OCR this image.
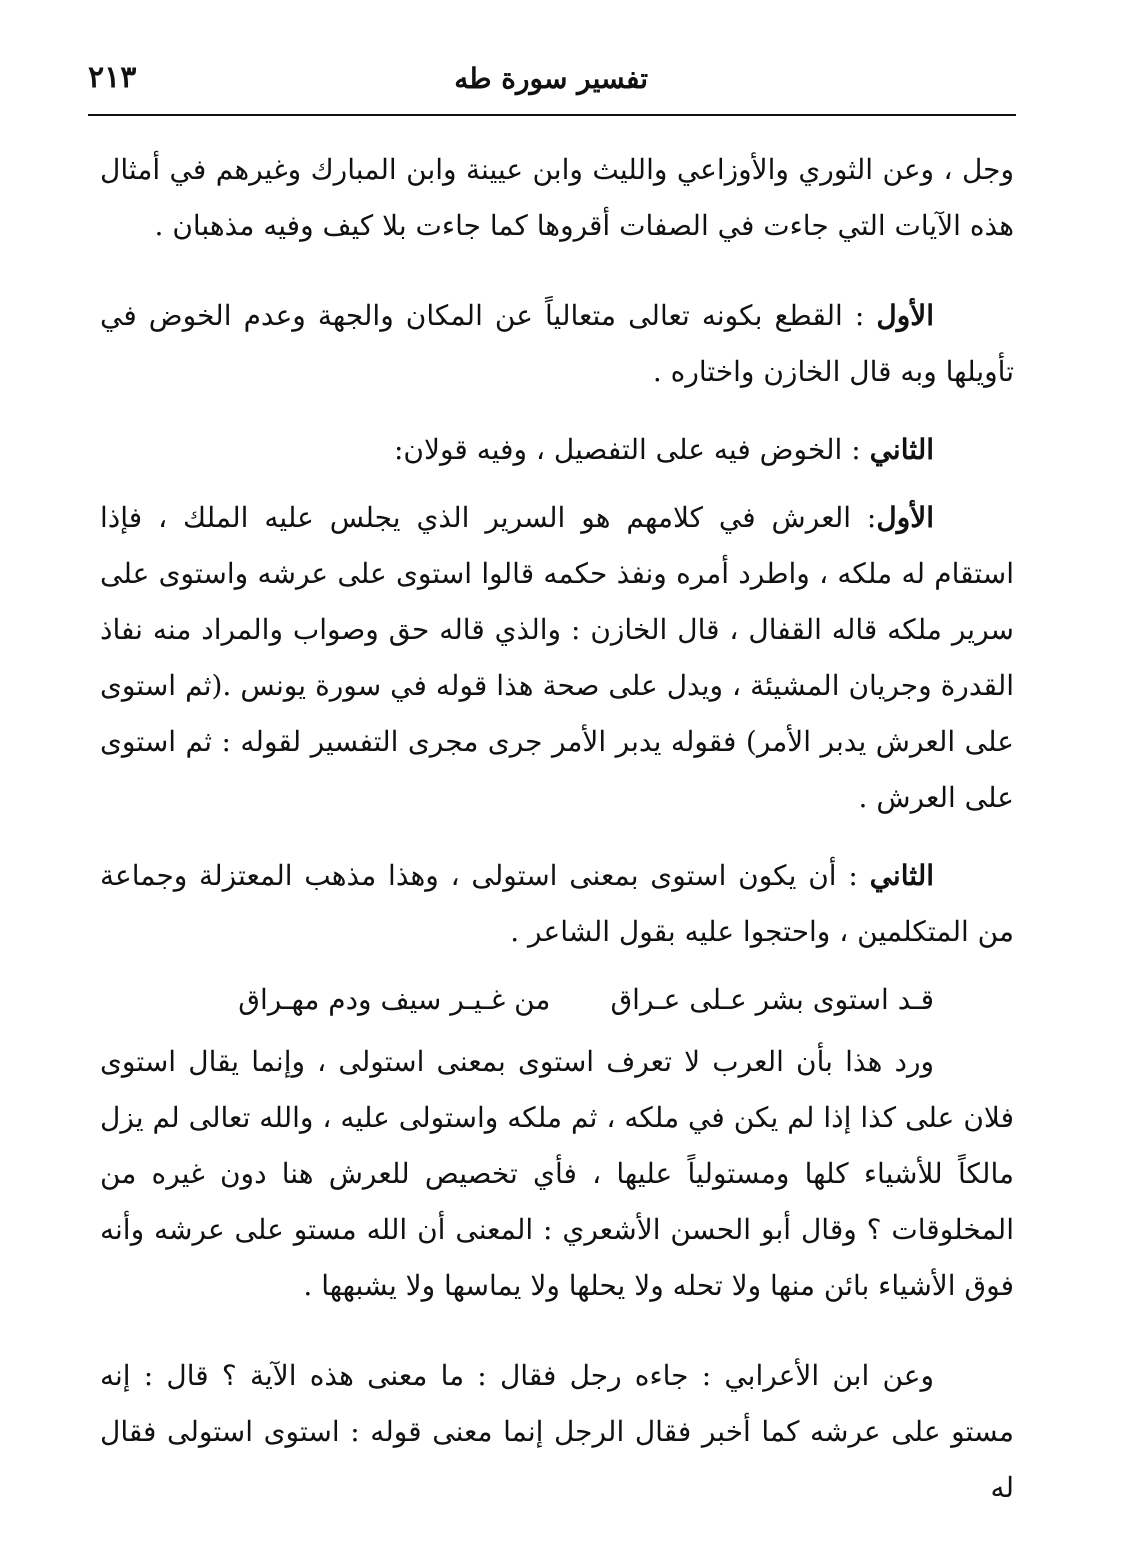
تفسير سورة طه
٢١٣

وجل ، وعن الثوري والأوزاعي والليث وابن عيينة وابن المبارك وغيرهم في أمثال هذه الآيات التي جاءت في الصفات أقروها كما جاءت بلا كيف وفيه مذهبان .

الأول : القطع بكونه تعالى متعالياً عن المكان والجهة وعدم الخوض في تأويلها وبه قال الخازن واختاره .

الثاني : الخوض فيه على التفصيل ، وفيه قولان:

الأول: العرش في كلامهم هو السرير الذي يجلس عليه الملك ، فإذا استقام له ملكه ، واطرد أمره ونفذ حكمه قالوا استوى على عرشه واستوى على سرير ملكه قاله القفال ، قال الخازن : والذي قاله حق وصواب والمراد منه نفاذ القدرة وجريان المشيئة ، ويدل على صحة هذا قوله في سورة يونس .(ثم استوى على العرش يدبر الأمر) فقوله يدبر الأمر جرى مجرى التفسير لقوله : ثم استوى على العرش .

الثاني : أن يكون استوى بمعنى استولى ، وهذا مذهب المعتزلة وجماعة من المتكلمين ، واحتجوا عليه بقول الشاعر .

قـد استوى بشر عـلى عـراق
من غـيـر سيف ودم مهـراق

ورد هذا بأن العرب لا تعرف استوى بمعنى استولى ، وإنما يقال استوى فلان على كذا إذا لم يكن في ملكه ، ثم ملكه واستولى عليه ، والله تعالى لم يزل مالكاً للأشياء كلها ومستولياً عليها ، فأي تخصيص للعرش هنا دون غيره من المخلوقات ؟ وقال أبو الحسن الأشعري : المعنى أن الله مستو على عرشه وأنه فوق الأشياء بائن منها ولا تحله ولا يحلها ولا يماسها ولا يشبهها .

وعن ابن الأعرابي : جاءه رجل فقال : ما معنى هذه الآية ؟ قال : إنه مستو على عرشه كما أخبر فقال الرجل إنما معنى قوله : استوى استولى فقال له
